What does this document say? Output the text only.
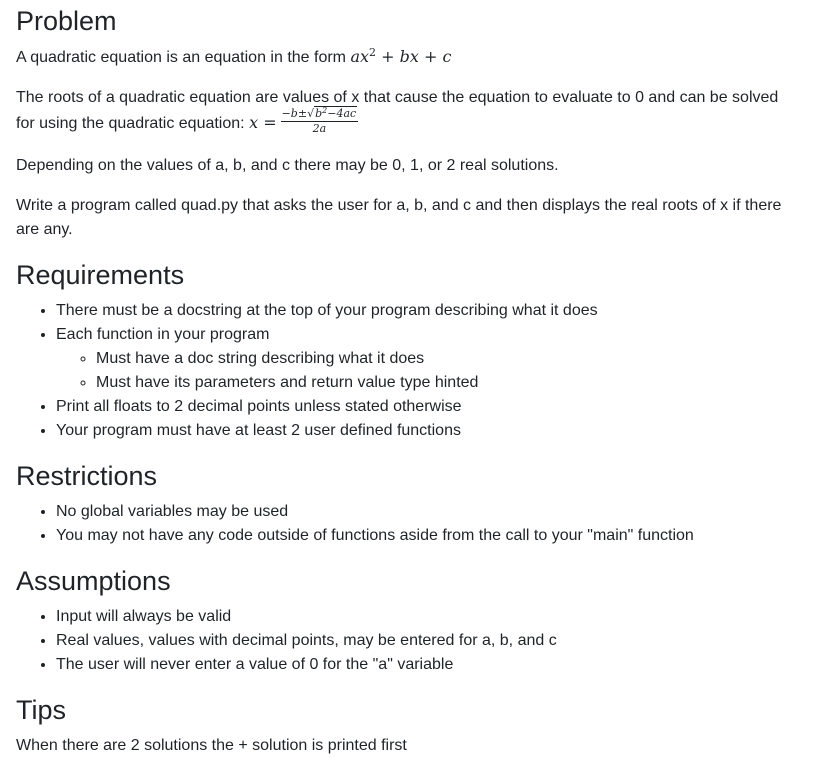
Problem

A quadratic equation is an equation in the form $ax^2$ + bx + c

The roots of a quadratic equation are values of x that cause the equation to evaluate to 0 and can be solved
for using the quadratic equation: $x = \frac{-b\pm√b^2-4ac}{2a}$

Depending on the values of a, b, and c there may be 0, 1, or 2 real solutions.

Write a program called quad.py that asks the user for a, b, and c and then displays the real roots of x if there are any.

Requirements
• There must be a docstring at the top of your program describing what it does
• Each function in your program
◦ Must have a doc string describing what it does
◦ Must have its parameters and return value type hinted
• Print all floats to 2 decimal points unless stated otherwise
• Your program must have at least 2 user defined functions
Restrictions
• No global variables may be used
• You may not have any code outside of functions aside from the call to your "main" function
Assumptions
• Input will always be valid
• Real values, values with decimal points, may be entered for a, b, and c
• The user will never enter a value of 0 for the "a" variable
Tips

When there are 2 solutions the + solution is printed first
